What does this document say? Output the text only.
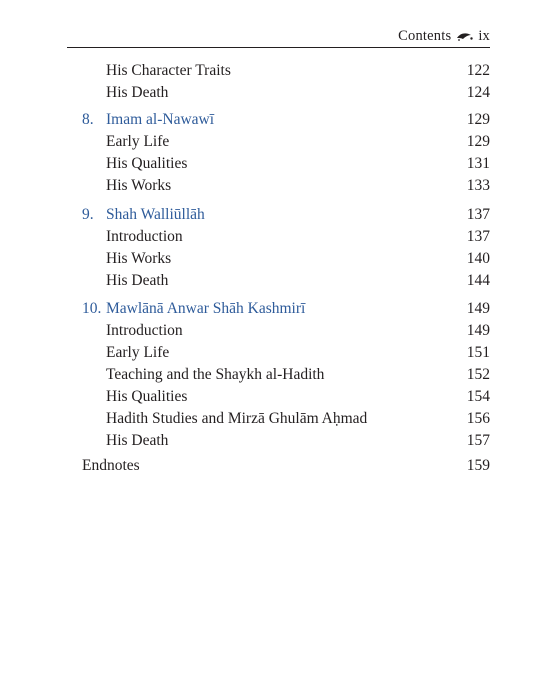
Contents ix
His Character Traits	122
His Death	124
8. Imam al-Nawawī	129
Early Life	129
His Qualities	131
His Works	133
9. Shah Walliūllāh	137
Introduction	137
His Works	140
His Death	144
10. Mawlānā Anwar Shāh Kashmirī	149
Introduction	149
Early Life	151
Teaching and the Shaykh al-Hadith	152
His Qualities	154
Hadith Studies and Mirzā Ghulām Aḥmad	156
His Death	157
Endnotes	159
